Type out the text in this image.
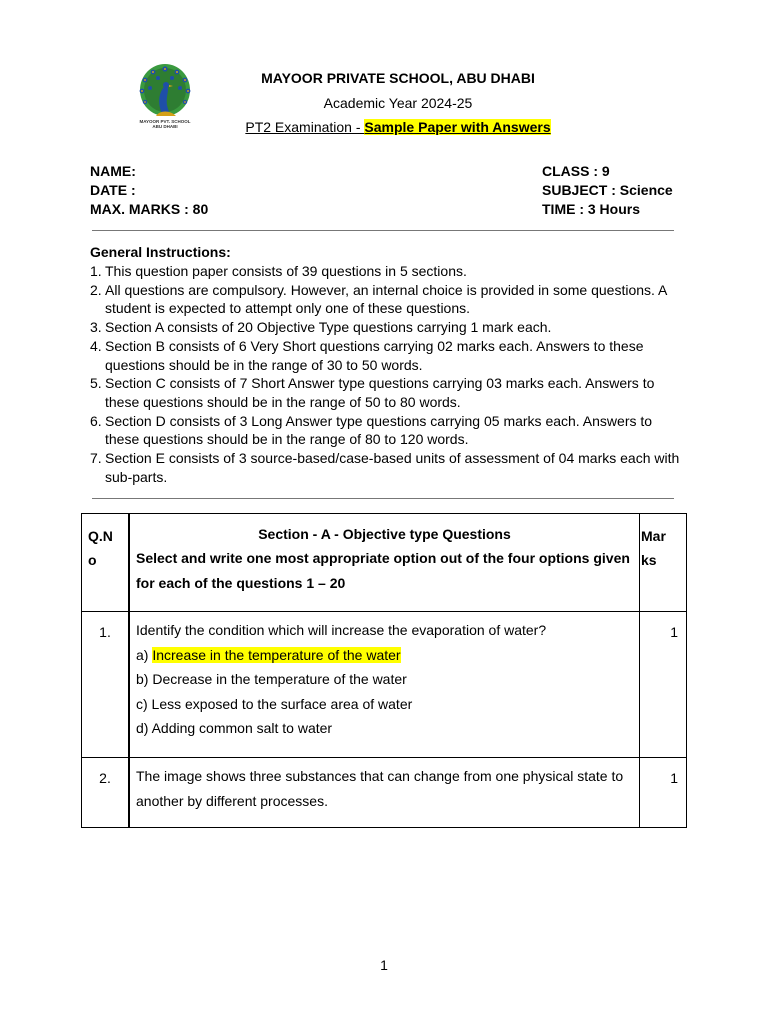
MAYOOR PVT. SCHOOL
ABU DHABI
MAYOOR PRIVATE SCHOOL, ABU DHABI
Academic Year 2024-25
PT2 Examination - Sample Paper with Answers
NAME:
DATE :
MAX. MARKS : 80
CLASS : 9
SUBJECT : Science
TIME : 3 Hours
General Instructions:
1. This question paper consists of 39 questions in 5 sections.
2. All questions are compulsory. However, an internal choice is provided in some questions. A student is expected to attempt only one of these questions.
3. Section A consists of 20 Objective Type questions carrying 1 mark each.
4. Section B consists of 6 Very Short questions carrying 02 marks each. Answers to these questions should be in the range of 30 to 50 words.
5. Section C consists of 7 Short Answer type questions carrying 03 marks each. Answers to these questions should be in the range of 50 to 80 words.
6. Section D consists of 3 Long Answer type questions carrying 05 marks each. Answers to these questions should be in the range of 80 to 120 words.
7. Section E consists of 3 source-based/case-based units of assessment of 04 marks each with sub-parts.
Q.No	Section - A - Objective type Questions
Select and write one most appropriate option out of the four options given for each of the questions 1 – 20	Marks

1.	Identify the condition which will increase the evaporation of water?
a) Increase in the temperature of the water
b) Decrease in the temperature of the water
c) Less exposed to the surface area of water
d) Adding common salt to water	1
2.	The image shows three substances that can change from one physical state to another by different processes.	1
1
